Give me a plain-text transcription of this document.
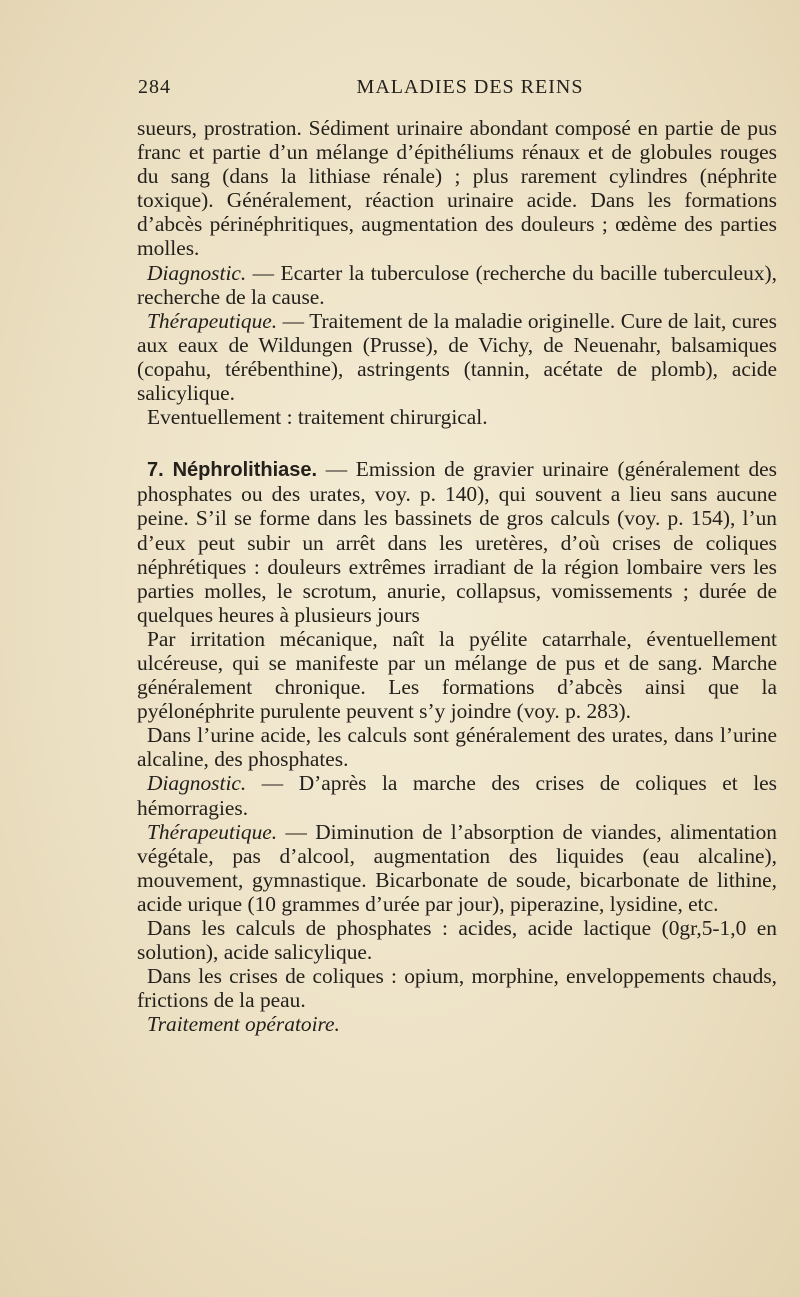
284	MALADIES DES REINS

sueurs, prostration. Sédiment urinaire abondant composé en partie de pus franc et partie d’un mélange d’épithéliums rénaux et de globules rouges du sang (dans la lithiase rénale) ; plus rarement cylindres (néphrite toxique). Généralement, réaction urinaire acide. Dans les formations d’abcès périnéphritiques, augmentation des douleurs ; œdème des parties molles.

Diagnostic. — Ecarter la tuberculose (recherche du bacille tuberculeux), recherche de la cause.

Thérapeutique. — Traitement de la maladie originelle. Cure de lait, cures aux eaux de Wildungen (Prusse), de Vichy, de Neuenahr, balsamiques (copahu, térébenthine), astringents (tannin, acétate de plomb), acide salicylique.

Eventuellement : traitement chirurgical.

7. Néphrolithiase. — Emission de gravier urinaire (généralement des phosphates ou des urates, voy. p. 140), qui souvent a lieu sans aucune peine. S’il se forme dans les bassinets de gros calculs (voy. p. 154), l’un d’eux peut subir un arrêt dans les uretères, d’où crises de coliques néphrétiques : douleurs extrêmes irradiant de la région lombaire vers les parties molles, le scrotum, anurie, collapsus, vomissements ; durée de quelques heures à plusieurs jours

Par irritation mécanique, naît la pyélite catarrhale, éventuellement ulcéreuse, qui se manifeste par un mélange de pus et de sang. Marche généralement chronique. Les formations d’abcès ainsi que la pyélonéphrite purulente peuvent s’y joindre (voy. p. 283).

Dans l’urine acide, les calculs sont généralement des urates, dans l’urine alcaline, des phosphates.

Diagnostic. — D’après la marche des crises de coliques et les hémorragies.

Thérapeutique. — Diminution de l’absorption de viandes, alimentation végétale, pas d’alcool, augmentation des liquides (eau alcaline), mouvement, gymnastique. Bicarbonate de soude, bicarbonate de lithine, acide urique (10 grammes d’urée par jour), piperazine, lysidine, etc.

Dans les calculs de phosphates : acides, acide lactique (0gr,5-1,0 en solution), acide salicylique.

Dans les crises de coliques : opium, morphine, enveloppements chauds, frictions de la peau.

Traitement opératoire.
